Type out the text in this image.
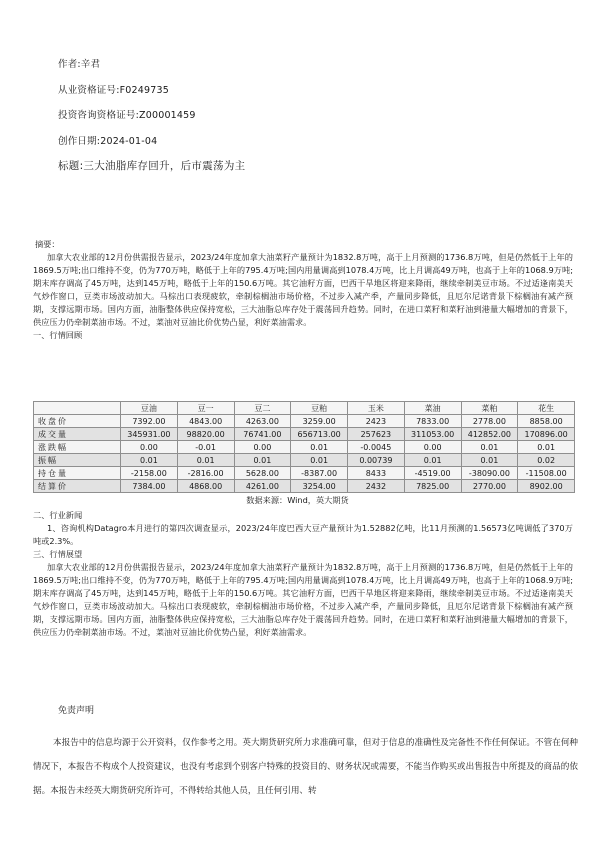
作者:辛君
从业资格证号:F0249735
投资咨询资格证号:Z00001459
创作日期:2024-01-04
标题:三大油脂库存回升，后市震荡为主
摘要：

加拿大农业部的12月份供需报告显示，2023/24年度加拿大油菜籽产量预计为1832.8万吨，高于上月预测的1736.8万吨，但是仍然低于上年的1869.5万吨;出口维持不变，仍为770万吨，略低于上年的795.4万吨;国内用量调高到1078.4万吨，比上月调高49万吨，也高于上年的1068.9万吨;期末库存调高了45万吨，达到145万吨，略低于上年的150.6万吨。其它油籽方面，巴西干旱地区将迎来降雨，继续牵制美豆市场。不过适逢南美天气炒作窗口，豆类市场波动加大。马棕出口表现疲软，牵制棕榈油市场价格，不过步入减产季，产量同步降低，且厄尔尼诺背景下棕榈油有减产预期，支撑远期市场。国内方面，油脂整体供应保持宽松，三大油脂总库存处于震荡回升趋势。同时，在进口菜籽和菜籽油到港量大幅增加的背景下，供应压力仍牵制菜油市场。不过，菜油对豆油比价优势凸显，利好菜油需求。

一、行情回顾
	豆油	豆一	豆二	豆粕	玉米	菜油	菜粕	花生
收盘价	7392.00	4843.00	4263.00	3259.00	2423	7833.00	2778.00	8858.00
成交量	345931.00	98820.00	76741.00	656713.00	257623	311053.00	412852.00	170896.00
涨跌幅	0.00	-0.01	0.00	0.01	-0.0045	0.00	0.01	0.01
振幅	0.01	0.01	0.01	0.01	0.00739	0.01	0.01	0.02
持仓量	-2158.00	-2816.00	5628.00	-8387.00	8433	-4519.00	-38090.00	-11508.00
结算价	7384.00	4868.00	4261.00	3254.00	2432	7825.00	2770.00	8902.00
数据来源：Wind，英大期货
二、行业新闻

1、咨询机构Datagro本月进行的第四次调查显示，2023/24年度巴西大豆产量预计为1.52882亿吨，比11月预测的1.56573亿吨调低了370万吨或2.3%。

三、行情展望

加拿大农业部的12月份供需报告显示，2023/24年度加拿大油菜籽产量预计为1832.8万吨，高于上月预测的1736.8万吨，但是仍然低于上年的1869.5万吨;出口维持不变，仍为770万吨，略低于上年的795.4万吨;国内用量调高到1078.4万吨，比上月调高49万吨，也高于上年的1068.9万吨;期末库存调高了45万吨，达到145万吨，略低于上年的150.6万吨。其它油籽方面，巴西干旱地区将迎来降雨，继续牵制美豆市场。不过适逢南美天气炒作窗口，豆类市场波动加大。马棕出口表现疲软，牵制棕榈油市场价格，不过步入减产季，产量同步降低，且厄尔尼诺背景下棕榈油有减产预期，支撑远期市场。国内方面，油脂整体供应保持宽松，三大油脂总库存处于震荡回升趋势。同时，在进口菜籽和菜籽油到港量大幅增加的背景下，供应压力仍牵制菜油市场。不过，菜油对豆油比价优势凸显，利好菜油需求。

免责声明

本报告中的信息均源于公开资料，仅作参考之用。英大期货研究所力求准确可靠，但对于信息的准确性及完备性不作任何保证。不管在何种情况下，本报告不构成个人投资建议，也没有考虑到个别客户特殊的投资目的、财务状况或需要，不能当作购买或出售报告中所提及的商品的依据。本报告未经英大期货研究所许可，不得转给其他人员，且任何引用、转
